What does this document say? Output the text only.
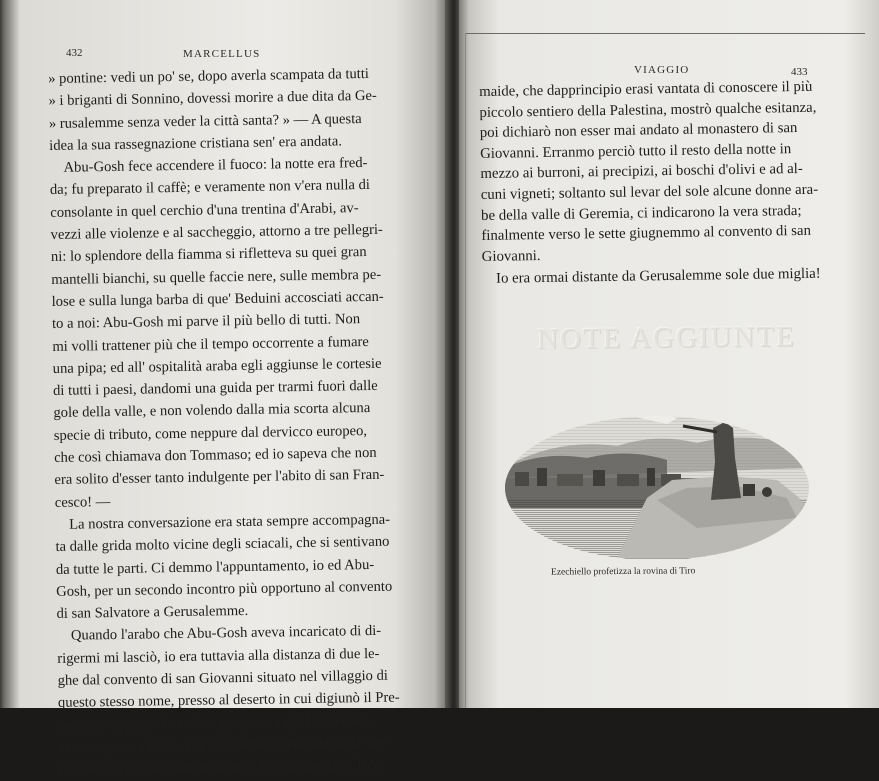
432	MARCELLUS
» pontine: vedi un po' se, dopo averla scampata da tutti
» i briganti di Sonnino, dovessi morire a due dita da Ge-
» rusalemme senza veder la città santa? » — A questa
idea la sua rassegnazione cristiana sen' era andata.
Abu-Gosh fece accendere il fuoco: la notte era fred-
da; fu preparato il caffè; e veramente non v'era nulla di
consolante in quel cerchio d'una trentina d'Arabi, av-
vezzi alle violenze e al saccheggio, attorno a tre pellegri-
ni: lo splendore della fiamma si rifletteva su quei gran
mantelli bianchi, su quelle faccie nere, sulle membra pe-
lose e sulla lunga barba di que' Beduini accosciati accan-
to a noi: Abu-Gosh mi parve il più bello di tutti. Non
mi volli trattener più che il tempo occorrente a fumare
una pipa; ed all' ospitalità araba egli aggiunse le cortesie
di tutti i paesi, dandomi una guida per trarmi fuori dalle
gole della valle, e non volendo dalla mia scorta alcuna
specie di tributo, come neppure dal dervicco europeo,
che così chiamava don Tommaso; ed io sapeva che non
era solito d'esser tanto indulgente per l'abito di san Fran-
cesco! —
La nostra conversazione era stata sempre accompagna-
ta dalle grida molto vicine degli sciacali, che si sentivano
da tutte le parti. Ci demmo l'appuntamento, io ed Abu-
Gosh, per un secondo incontro più opportuno al convento
di san Salvatore a Gerusalemme.
Quando l'arabo che Abu-Gosh aveva incaricato di di-
rigermi mi lasciò, io era tuttavia alla distanza di due le-
ghe dal convento di san Giovanni situato nel villaggio di
questo stesso nome, presso al deserto in cui digiunò il Pre-
cursore. Appunto io voleva giugnere a quel convento:
aveva saputo a Rama che il superiore generale della Ter-
ra-Santa vi era da qualche giorno. La mia guida di Tole-
VIAGGIO	433
maide, che dapprincipio erasi vantata di conoscere il più
piccolo sentiero della Palestina, mostrò qualche esitanza,
poi dichiarò non esser mai andato al monastero di san
Giovanni. Erranmo perciò tutto il resto della notte in
mezzo ai burroni, ai precipizi, ai boschi d'olivi e ad al-
cuni vigneti; soltanto sul levar del sole alcune donne ara-
be della valle di Geremia, ci indicarono la vera strada;
finalmente verso le sette giugnemmo al convento di san
Giovanni.
Io era ormai distante da Gerusalemme sole due miglia!
NOTE AGGIUNTE
Ezechiello profetizza la rovina di Tiro
